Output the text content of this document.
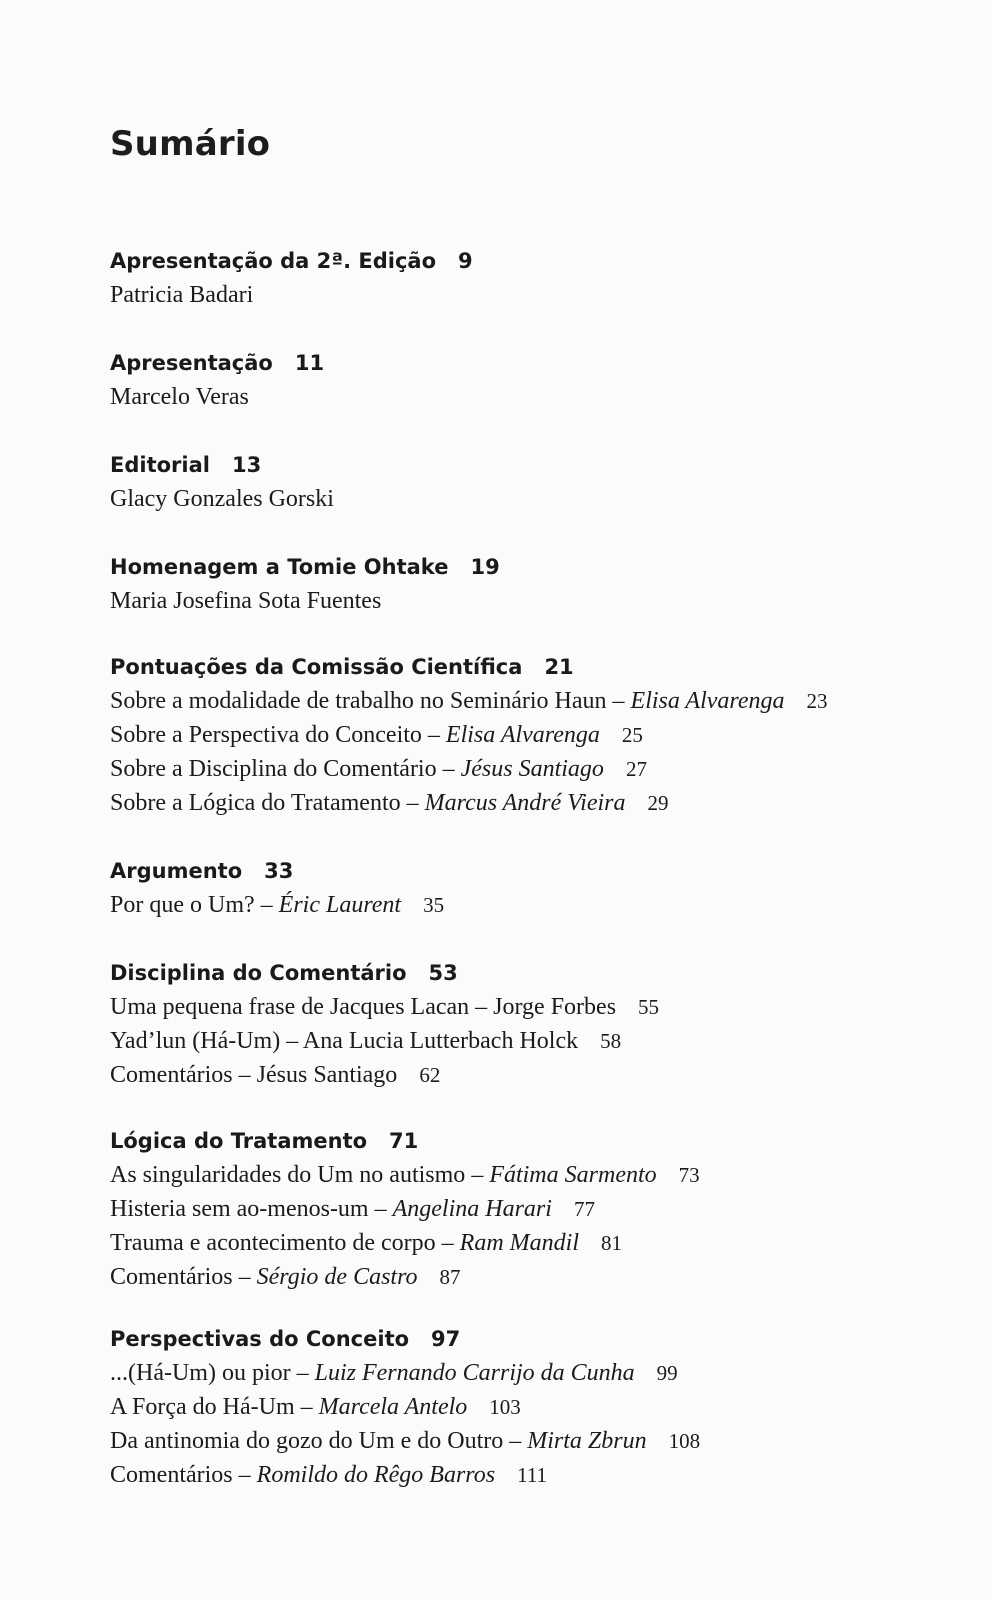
Sumário
Apresentação da 2ª. Edição 9
Patricia Badari
Apresentação 11
Marcelo Veras
Editorial 13
Glacy Gonzales Gorski
Homenagem a Tomie Ohtake 19
Maria Josefina Sota Fuentes
Pontuações da Comissão Científica 21
Sobre a modalidade de trabalho no Seminário Haun – Elisa Alvarenga 23
Sobre a Perspectiva do Conceito – Elisa Alvarenga 25
Sobre a Disciplina do Comentário – Jésus Santiago 27
Sobre a Lógica do Tratamento – Marcus André Vieira 29
Argumento 33
Por que o Um? – Éric Laurent 35
Disciplina do Comentário 53
Uma pequena frase de Jacques Lacan – Jorge Forbes 55
Yad’lun (Há-Um) – Ana Lucia Lutterbach Holck 58
Comentários – Jésus Santiago 62
Lógica do Tratamento 71
As singularidades do Um no autismo – Fátima Sarmento 73
Histeria sem ao-menos-um – Angelina Harari 77
Trauma e acontecimento de corpo – Ram Mandil 81
Comentários – Sérgio de Castro 87
Perspectivas do Conceito 97
...(Há-Um) ou pior – Luiz Fernando Carrijo da Cunha 99
A Força do Há-Um – Marcela Antelo 103
Da antinomia do gozo do Um e do Outro – Mirta Zbrun 108
Comentários – Romildo do Rêgo Barros 111
